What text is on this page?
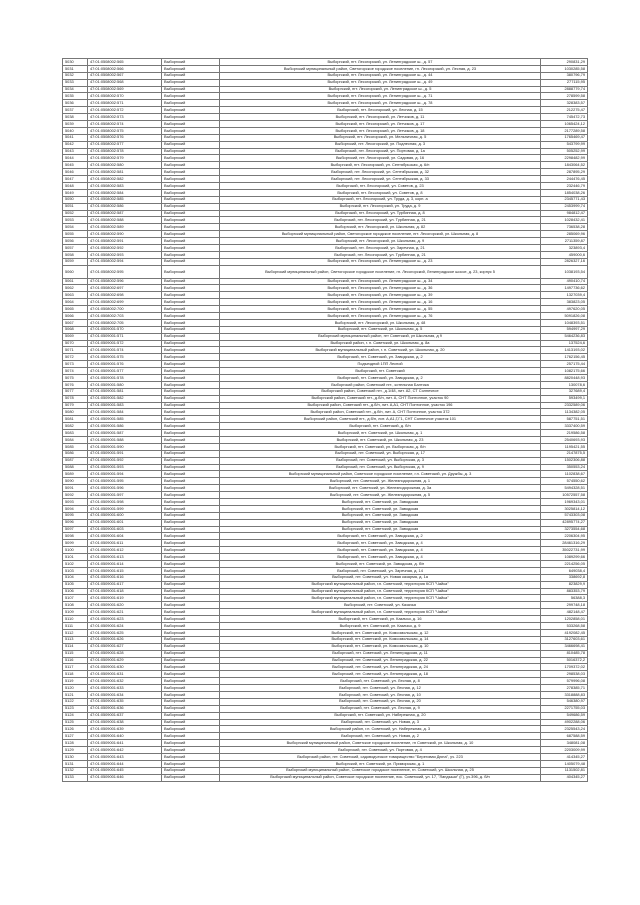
5030	47:01:0508002:565	Выборгский	Выборгский, пгт. Лесогорский, ул. Ленинградское ш., д. 57	290831,29
5031	47:01:0508002:566	Выборгский	Выборгский муниципальный район, Светогорское городское поселение, гп. Лесогорский, ул. Лесная, д. 23	1030285,58
5032	47:01:0508002:567	Выборгский	Выборгский, пгт. Лесогорский, ул. Ленинградское ш., д. 44	380796,79
5033	47:01:0508002:568	Выборгский	Выборгский, пгт. Лесогорский, ул. Ленинградское ш., д. 49	277115,95
5034	47:01:0508002:569	Выборгский	Выборгский, пгт. Лесогорский, ул. Ленинградское ш., д. 5	2888779,74
5035	47:01:0508002:570	Выборгский	Выборгский, пгт. Лесогорский, ул. Ленинградское ш., д. 71	278599,58
5036	47:01:0508002:571	Выборгский	Выборгский, пгт. Лесогорский, ул. Ленинградское ш., д. 78	328383,57
5037	47:01:0508002:572	Выборгский	Выборгский, пгт. Лесогорский, ул. Лесная, д. 15	212275,47
5038	47:01:0508002:573	Выборгский	Выборгский, пгт. Лесогорский, ул. Летчиков, д. 11	745472,73
5039	47:01:0508002:574	Выборгский	Выборгский, пгт. Лесогорский, ул. Летчиков, д. 17	1065424,12
5040	47:01:0508002:575	Выборгский	Выборгский, пгт. Лесогорский, ул. Летчиков, д. 18	2177289,58
5041	47:01:0508002:576	Выборгский	Выборгский, пгт. Лесогорский, ул. Мельничная, д. 5	1765469,47
5042	47:01:0508002:577	Выборгский	Выборгский, пгт. Лесогорский, ул. Подлесная, д. 3	543799,99
5043	47:01:0508002:578	Выборгский	Выборгский, пгт. Лесогорский, ул. Портовая, д. 1а	505252,99
5044	47:01:0508002:579	Выборгский	Выборгский, пгт. Лесогорский, ул. Садовая, д. 16	2298482,99
5045	47:01:0508002:580	Выборгский	Выборгский, пгт. Лесогорский, ул. Сентябрьская, д. 6/н	1843064,52
5046	47:01:0508002:581	Выборгский	Выборгский, пгт. Лесогорский, ул. Сентябрьская, д. 32	287895,29
5047	47:01:0508002:582	Выборгский	Выборгский, пгт. Лесогорский, ул. Сентябрьская, д. 33	244476,45
5048	47:01:0508002:583	Выборгский	Выборгский, пгт. Лесогорский, ул. Советов, д. 23	232446,79
5049	47:01:0508002:584	Выборгский	Выборгский, пгт. Лесогорский, ул. Советов, д. 8	1854038,26
5050	47:01:0508002:585	Выборгский	Выборгский, пгт. Лесогорский, ул. Труда, д. 3, корп. а	2345771,43
5051	47:01:0508002:586	Выборгский	Выборгский, пгт. Лесогорский, ул. Труда, д. 9	2453999,74
5052	47:01:0508002:587	Выборгский	Выборгский, пгт. Лесогорский, ул. Турбинная, д. 8	984812,47
5053	47:01:0508002:588	Выборгский	Выборгский, пгт. Лесогорский, ул. Турбинная, д. 21	1028432,41
5054	47:01:0508002:589	Выборгский	Выборгский, пгт. Лесогорский, ул. Школьная, д. 82	736538,28
5055	47:01:0508002:590	Выборгский	Выборгский муниципальный район, Светогорское городское поселение, пгт. Лесогорский, ул. Школьная, д. 8	285069,96
5056	47:01:0508002:591	Выборгский	Выборгский, пгт. Лесогорский, ул. Школьная, д. 9	2711359,87
5057	47:01:0508002:592	Выборгский	Выборгский, пгт. Лесогорский, ул. Заречная, д. 21	323893,4
5058	47:01:0508002:593	Выборгский	Выборгский, пгт. Лесогорский, ул. Турбинная, д. 21	459000,6
5059	47:01:0508002:594	Выборгский	Выборгский, пгт. Лесогорский, ул. Ленинградское ш., д. 23	2826327,16
5060	47:01:0508002:595	Выборгский	Выборгский муниципальный район, Светогорское городское поселение, гп. Лесогорский, Ленинградское шоссе, д. 23, корпус 5	1038193,54
5061	47:01:0508002:596	Выборгский	Выборгский, пгт. Лесогорский, ул. Ленинградское ш., д. 34	490410,74
5062	47:01:0508002:697	Выборгский	Выборгский, пгт. Лесогорский, ул. Ленинградское ш., д. 36	1497736,62
5063	47:01:0508002:698	Выборгский	Выборгский, пгт. Лесогорский, ул. Ленинградское ш., д. 39	1327039,4
5064	47:01:0508002:699	Выборгский	Выборгский, пгт. Лесогорский, ул. Ленинградское ш., д. 16	383823,05
5065	47:01:0508002:700	Выборгский	Выборгский, пгт. Лесогорский, ул. Ленинградское ш., д. 55	497620,05
5066	47:01:0508002:703	Выборгский	Выборгский, пгт. Лесогорский, ул. Ленинградское ш., д. 76	5091826,08
5067	47:01:0508002:705	Выборгский	Выборгский, пгт. Лесогорский, ул. Школьная, д. 48	1048393,51
5068	47:01:0509001:570	Выборгский	Выборгский, пгт. Советский, ул. Школьная, д. 5	594997,29
5069	47:01:0509001:571	Выборгский	Выборгский муниципальный район, пгт Советский, ул Школьная, д 9	5464236,83
5070	47:01:0509001:572	Выборгский	Выборгский район, г. п. Советский, ул. Школьная, д. 8а	137524,6
5071	47:01:0509001:574	Выборгский	Выборгский муниципальный район, г. п. Советский, ул. Школьная, д. 20	1413193,02
5072	47:01:0509001:575	Выборгский	Выборгский, пгт. Советский, ул. Заводская, д. 2	1762156,45
5073	47:01:0509001:576	Выборгский	Подъездной 1ПП Лесной	257175,44
5074	47:01:0509001:577	Выборгский	Выборгский, пгт. Советский	1082175,66
5075	47:01:0509001:578	Выборгский	Выборгский, пгт. Советский, ул. Заводская, д. 2	8820448,93
5076	47:01:0509001:580	Выборгский	Выборгский район, Советский пгт., котельная Балтика	130078,6
5077	47:01:0509001:581	Выборгский	Выборгский район, Советский пгт., д.1/48, лит. А2, СТ Солнечное	327689,4
5078	47:01:0509001:582	Выборгский	Выборгский район, Советский пгт., д.б/н, лит. А, СНТ Понтонное, участок 90	593499,1
5079	47:01:0509001:583	Выборгский	Выборгский район, Советский пгт., д.б/н, лит. А,А1, СНТ Понтонное, участок 196	2332589,06
5080	47:01:0509001:584	Выборгский	Выборгский район, Советский пгт., д.б/н, лит. А, СНТ Понтонное, участок 372	1134382,05
5081	47:01:0509001:585	Выборгский	Выборгский район, Советский пгт., д.б/н, лит. А,А1,Г,Г1, СНТ Солнечное участок 101	587751,51
5082	47:01:0509001:586	Выборгский	Выборгский, пгт. Советский, д. б/н	3337400,59
5083	47:01:0509001:587	Выборгский	Выборгский, пгт. Советский, ул. Школьная, д. 1	219586,58
5084	47:01:0509001:588	Выборгский	Выборгский, пгт. Советский, ул. Школьная, д. 23	2540693,93
5085	47:01:0509001:590	Выборгский	Выборгский, пгт. Советский, ул. Выборгская, д. б/н	1195421,55
5086	47:01:0509001:591	Выборгский	Выборгский, пгт. Советский, ул. Выборгская, д. 17	2147875,5
5087	47:01:0509001:592	Выборгский	Выборгский, пгт. Советский, ул. Выборгская, д. 3	1502306,88
5088	47:01:0509001:593	Выборгский	Выборгский, пгт. Советский, ул. Выборгская, д. 9	350553,24
5089	47:01:0509001:594	Выборгский	Выборгский муниципальный район, Советское городское поселение, г.п. Советский, ул. Дружбы, д. 3	1102838,67
5090	47:01:0509001:595	Выборгский	Выборгский, пгт. Советский, ул. Железнодорожная, д. 1	574550,62
5091	47:01:0509001:596	Выборгский	Выборгский, пгт. Советский, ул. Железнодорожная, д. 3а	5494328,51
5092	47:01:0509001:597	Выборгский	Выборгский, пгт. Советский, ул. Железнодорожная, д. 5	10572557,58
5093	47:01:0509001:598	Выборгский	Выборгский, пгт. Советский, ул. Заводская	1969343,01
5094	47:01:0509001:599	Выборгский	Выборгский, пгт. Советский, ул. Заводская	3025814,12
5095	47:01:0509001:600	Выборгский	Выборгский, пгт. Советский, ул. Заводская	5743303,08
5096	47:01:0509001:601	Выборгский	Выборгский, пгт. Советский, ул. Заводская	42895774,27
5097	47:01:0509001:603	Выборгский	Выборгский, пгт. Советский, ул. Заводская	3273554,68
5098	47:01:0509001:604	Выборгский	Выборгский, пгт. Советский, ул. Заводская, д. 2	2206304,95
5099	47:01:0509001:611	Выборгский	Выборгский, пгт. Советский, ул. Заводская, д. 4	28461316,29
5100	47:01:0509001:612	Выборгский	Выборгский, пгт. Советский, ул. Заводская, д. 4	35022731,99
5101	47:01:0509001:613	Выборгский	Выборгский, пгт. Советский, ул. Заводская, д. 4	1089299,66
5102	47:01:0509001:614	Выборгский	Выборгский, пгт. Советский, ул. Заводская, д. б/н	2214256,05
5103	47:01:0509001:615	Выборгский	Выборгский, пгт. Советский, ул. Заречная, д. 14	649038,4
5104	47:01:0509001:616	Выборгский	Выборгский, пгт. Советский, ул. Новая казарма, д. 1а	338692,8
5105	47:01:0509001:617	Выборгский	Выборгский муниципальный район, г.п. Советский, территория КСП "Чайка"	823829,9
5106	47:01:0509001:618	Выборгский	Выборгский муниципальный район, г.п. Советский, территория КСП "Чайка"	883353,79
5107	47:01:0509001:619	Выборгский	Выборгский муниципальный район, г.п. Советский, территория КСП "Чайка"	56388,3
5108	47:01:0509001:620	Выборгский	Выборгский, пгт. Советский, ул. Казачья	299748,18
5109	47:01:0509001:621	Выборгский	Выборгский муниципальный район, г.п. Советский, территория КСП "Чайка"	482148,47
5110	47:01:0509001:623	Выборгский	Выборгский, пгт. Советский, ул. Казачья, д. 16	1202858,01
5111	47:01:0509001:624	Выборгский	Выборгский, пгт. Советский, ул. Казачья, д. 9	533268,58
5112	47:01:0509001:625	Выборгский	Выборгский, пгт. Советский, ул. Комсомольская, д. 12	4192082,45
5113	47:01:0509001:626	Выборгский	Выборгский, пгт. Советский, ул. Комсомольская, д. 14	3127603,61
5114	47:01:0509001:627	Выборгский	Выборгский, пгт. Советский, ул. Комсомольская, д. 10	3466698,41
5115	47:01:0509001:628	Выборгский	Выборгский, пгт. Советский, ул. Ленинградская, д. 11	810485,78
5116	47:01:0509001:629	Выборгский	Выборгский, пгт. Советский, ул. Ленинградская, д. 22	5016372,2
5117	47:01:0509001:630	Выборгский	Выборгский, пгт. Советский, ул. Ленинградская, д. 24	1709372,02
5118	47:01:0509001:631	Выборгский	Выборгский, пгт. Советский, ул. Ленинградская, д. 18	298538,03
5119	47:01:0509001:632	Выборгский	Выборгский, пгт. Советский, ул. Лесная, д. 8	579996,08
5120	47:01:0509001:633	Выборгский	Выборгский, пгт. Советский, ул. Лесная, д. 12	278385,71
5121	47:01:0509001:634	Выборгский	Выборгский, пгт. Советский, ул. Лесная, д. 10	3318888,83
5122	47:01:0509001:635	Выборгский	Выборгский, пгт. Советский, ул. Лесная, д. 20	546380,97
5123	47:01:0509001:636	Выборгский	Выборгский, пгт. Советский, ул. Лесная, д. 9	2271755,03
5124	47:01:0509001:637	Выборгский	Выборгский, пгт. Советский, ул. Набережная, д. 20	549686,59
5125	47:01:0509001:638	Выборгский	Выборгский, пгт. Советский, ул. Новая, д. 3	4902288,06
5126	47:01:0509001:639	Выборгский	Выборгский район, г.п. Советский, ул. Набережная, д. 3	2325543,24
5127	47:01:0509001:640	Выборгский	Выборгский, пгт. Советский, ул. Новая, д. 2	687588,59
5128	47:01:0509001:641	Выборгский	Выборгский муниципальный район, Советское городское поселение, гп Советский, ул. Школьная, д. 10	348081,08
5129	47:01:0509001:642	Выборгский	Выборгский, пгт. Советский, ул. Портовая, д. 4	2203009,99
5130	47:01:0509001:643	Выборгский	Выборгский район, пгт. Советский, садоводческое товарищество "Береговая Дюна", уч. 223	414345,27
5131	47:01:0509001:644	Выборгский	Выборгский, пгт. Советский, ул. Приморская, д. 1	1405079,48
5132	47:01:0509001:645	Выборгский	Выборгский муниципальный район, Советское городское поселение, гп. Советский, ул. Школьная, д. 25	1131502,81
5133	47:01:0509001:646	Выборгский	Выборгский муниципальный район, Советское городское поселение, пос. Советский, ул. 17, "Ландыши" (Г), уч.396, д. б/н	404345,27
